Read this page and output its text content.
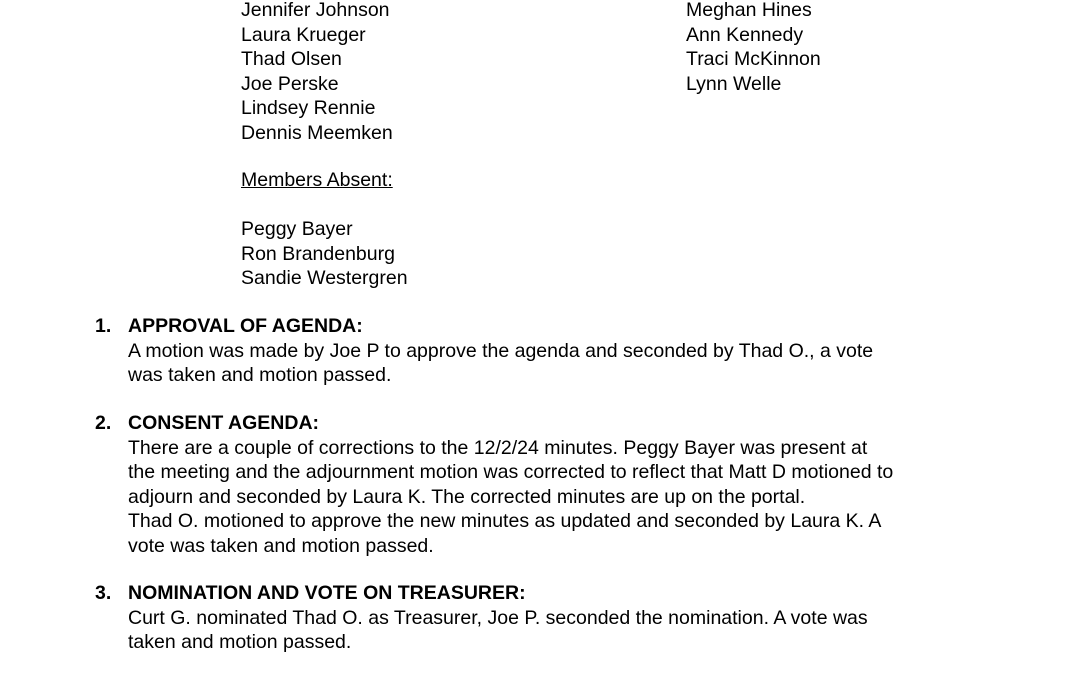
Jennifer Johnson
Laura Krueger
Thad Olsen
Joe Perske
Lindsey Rennie
Dennis Meemken
Meghan Hines
Ann Kennedy
Traci McKinnon
Lynn Welle
Members Absent:
Peggy Bayer
Ron Brandenburg
Sandie Westergren
1. APPROVAL OF AGENDA:

A motion was made by Joe P to approve the agenda and seconded by Thad O., a vote
was taken and motion passed.

2. CONSENT AGENDA:

There are a couple of corrections to the 12/2/24 minutes. Peggy Bayer was present at
the meeting and the adjournment motion was corrected to reflect that Matt D motioned to
adjourn and seconded by Laura K. The corrected minutes are up on the portal.
Thad O. motioned to approve the new minutes as updated and seconded by Laura K. A
vote was taken and motion passed.

3. NOMINATION AND VOTE ON TREASURER:

Curt G. nominated Thad O. as Treasurer, Joe P. seconded the nomination. A vote was
taken and motion passed.
